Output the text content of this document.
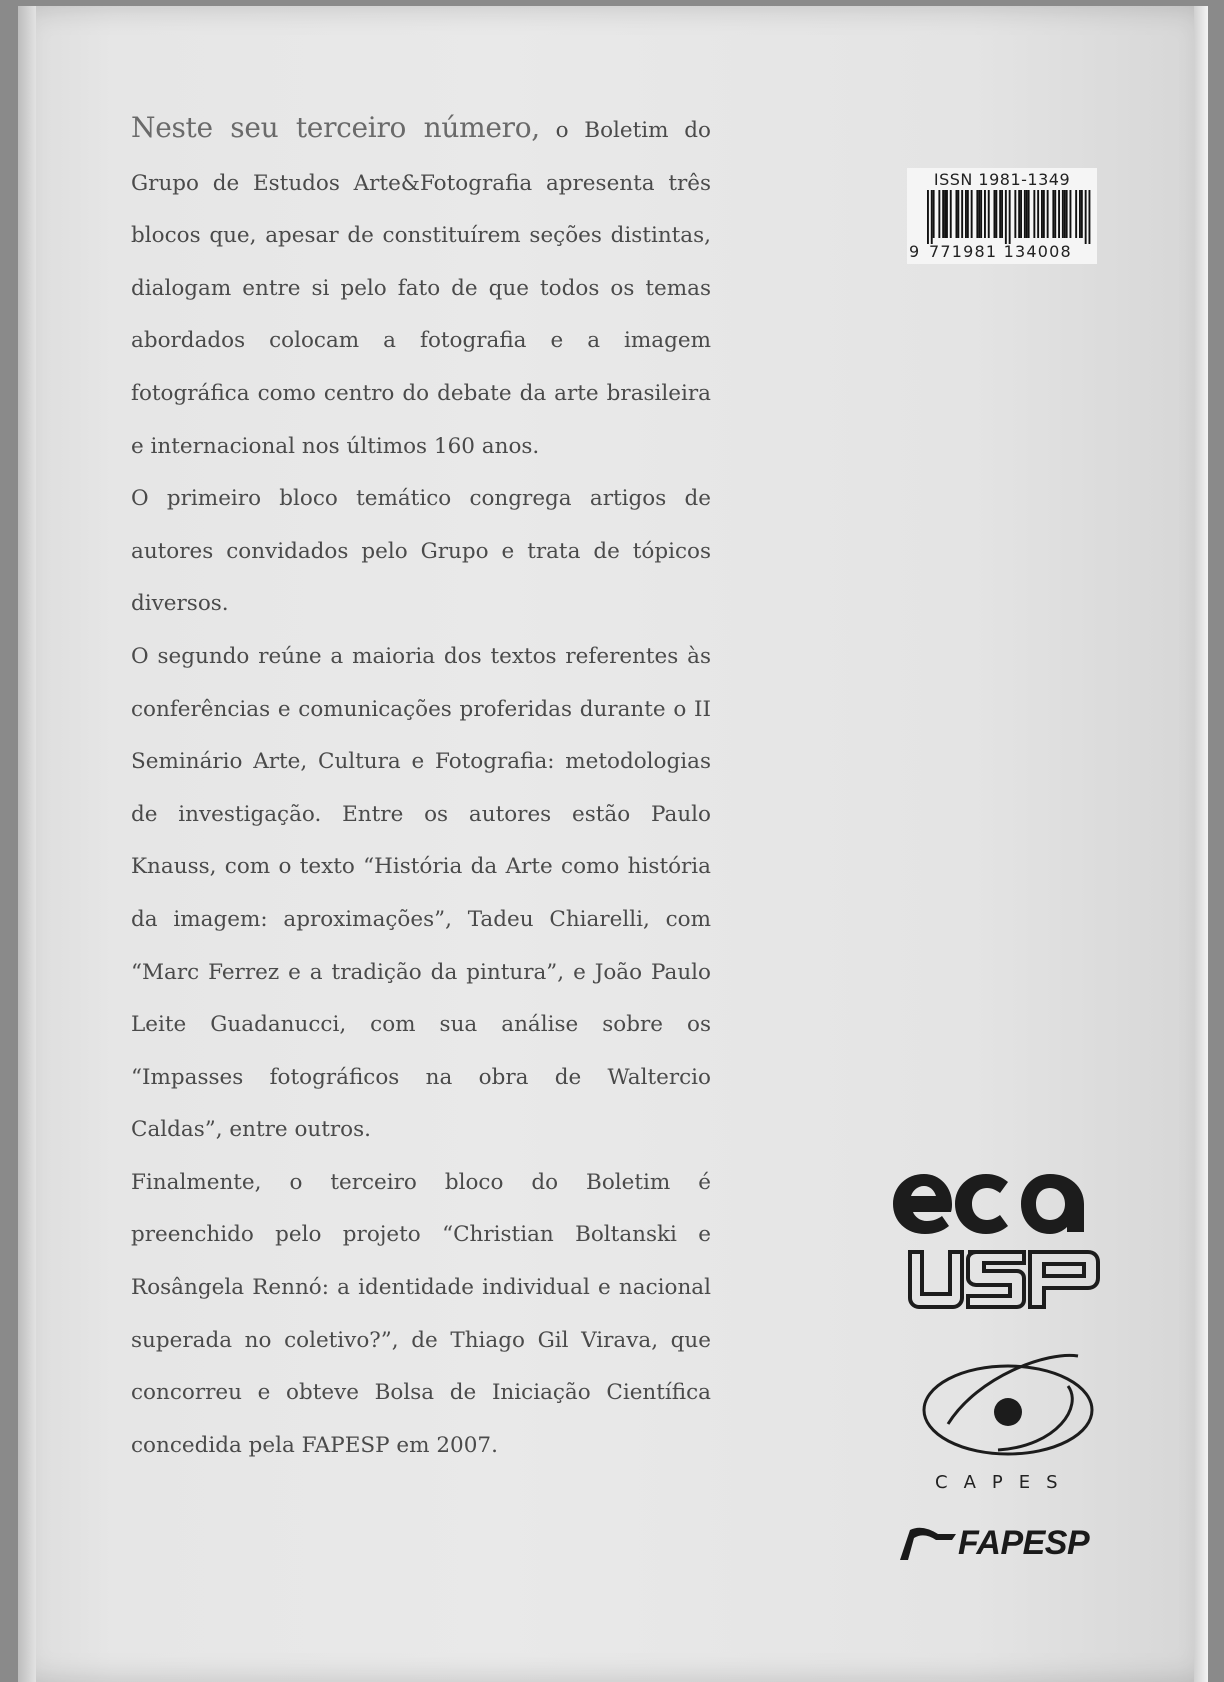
Neste seu terceiro número, o Boletim do Grupo de Estudos Arte&Fotografia apresenta três blocos que, apesar de constituírem seções distintas, dialogam entre si pelo fato de que todos os temas abordados colocam a fotografia e a imagem fotográfica como centro do debate da arte brasileira e internacional nos últimos 160 anos.

O primeiro bloco temático congrega artigos de autores convidados pelo Grupo e trata de tópicos diversos.

O segundo reúne a maioria dos textos referentes às conferências e comunicações proferidas durante o II Seminário Arte, Cultura e Fotografia: metodologias de investigação. Entre os autores estão Paulo Knauss, com o texto “História da Arte como história da imagem: aproximações”, Tadeu Chiarelli, com “Marc Ferrez e a tradição da pintura”, e João Paulo Leite Guadanucci, com sua análise sobre os “Impasses fotográficos na obra de Waltercio Caldas”, entre outros.

Finalmente, o terceiro bloco do Boletim é preenchido pelo projeto “Christian Boltanski e Rosângela Rennó: a identidade individual e nacional superada no coletivo?”, de Thiago Gil Virava, que concorreu e obteve Bolsa de Iniciação Científica concedida pela FAPESP em 2007.

ISSN 1981-1349
9 771981 134008
CAPES
FAPESP
